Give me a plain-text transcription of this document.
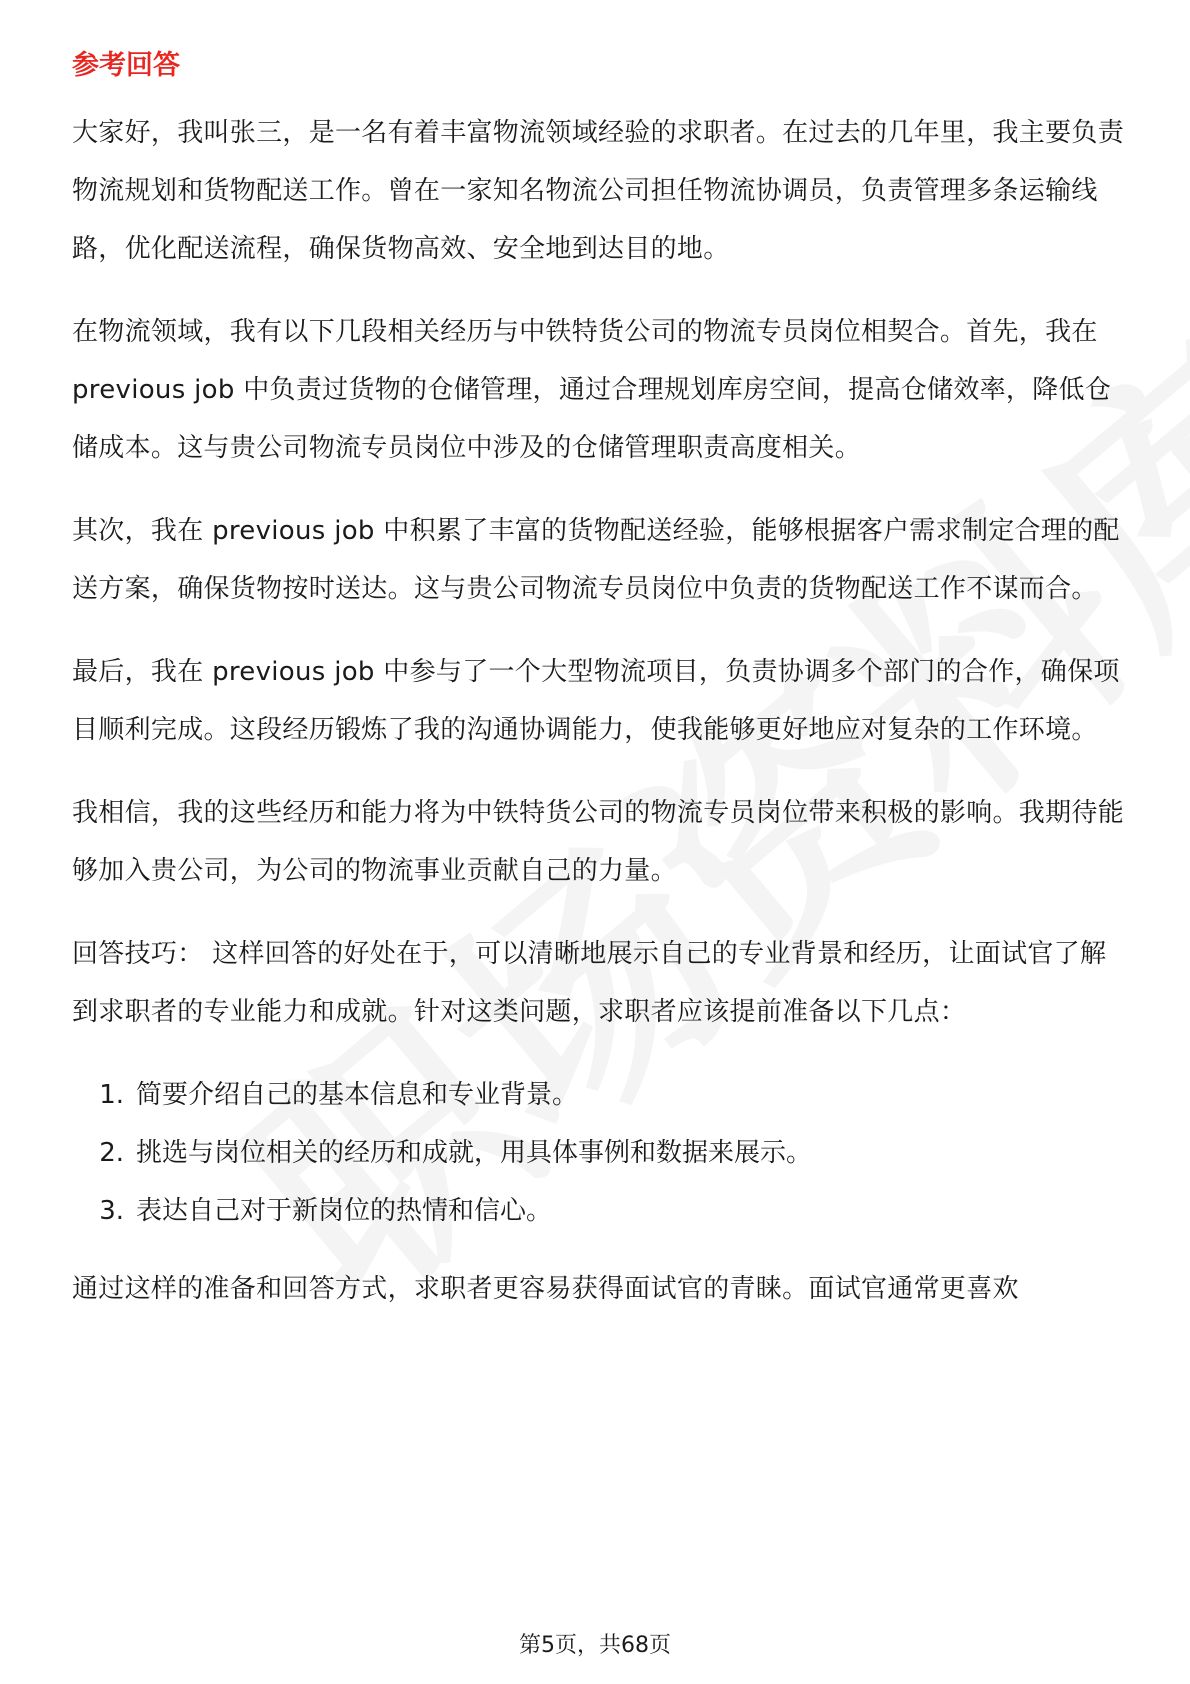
参考回答

大家好，我叫张三，是一名有着丰富物流领域经验的求职者。在过去的几年里，我主要负责物流规划和货物配送工作。曾在一家知名物流公司担任物流协调员，负责管理多条运输线路，优化配送流程，确保货物高效、安全地到达目的地。

在物流领域，我有以下几段相关经历与中铁特货公司的物流专员岗位相契合。首先，我在 previous job 中负责过货物的仓储管理，通过合理规划库房空间，提高仓储效率，降低仓储成本。这与贵公司物流专员岗位中涉及的仓储管理职责高度相关。

其次，我在 previous job 中积累了丰富的货物配送经验，能够根据客户需求制定合理的配送方案，确保货物按时送达。这与贵公司物流专员岗位中负责的货物配送工作不谋而合。

最后，我在 previous job 中参与了一个大型物流项目，负责协调多个部门的合作，确保项目顺利完成。这段经历锻炼了我的沟通协调能力，使我能够更好地应对复杂的工作环境。

我相信，我的这些经历和能力将为中铁特货公司的物流专员岗位带来积极的影响。我期待能够加入贵公司，为公司的物流事业贡献自己的力量。

回答技巧： 这样回答的好处在于，可以清晰地展示自己的专业背景和经历，让面试官了解到求职者的专业能力和成就。针对这类问题，求职者应该提前准备以下几点：

1. 简要介绍自己的基本信息和专业背景。
2. 挑选与岗位相关的经历和成就，用具体事例和数据来展示。
3. 表达自己对于新岗位的热情和信心。

通过这样的准备和回答方式，求职者更容易获得面试官的青睐。面试官通常更喜欢

第5页，共68页
